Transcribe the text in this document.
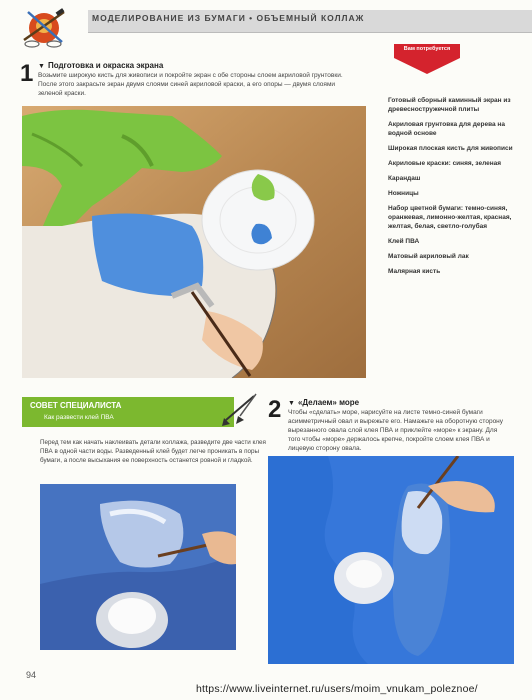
МОДЕЛИРОВАНИЕ ИЗ БУМАГИ • ОБЪЕМНЫЙ КОЛЛАЖ
1 ▼ Подготовка и окраска экрана
Возьмите широкую кисть для живописи и покройте экран с обе стороны слоем акриловой грунтовки. После этого закрасьте экран двумя слоями синей акриловой краски, а его опоры — двумя слоями зеленой краски.
Вам потребуется
Готовый сборный каминный экран из древесностружечной плиты
Акриловая грунтовка для дерева на водной основе
Широкая плоская кисть для живописи
Акриловые краски: синяя, зеленая
Карандаш
Ножницы
Набор цветной бумаги: темно-синяя, оранжевая, лимонно-желтая, красная, желтая, белая, светло-голубая
Клей ПВА
Матовый акриловый лак
Малярная кисть
СОВЕТ СПЕЦИАЛИСТА
Как развести клей ПВА
Перед тем как начать наклеивать детали коллажа, разведите две части клея ПВА в одной части воды. Разведенный клей будет легче проникать в поры бумаги, а после высыхания ее поверхность останется ровной и гладкой.
2 ▼ «Делаем» море
Чтобы «сделать» море, нарисуйте на листе темно-синей бумаги асимметричный овал и вырежьте его. Намажьте на оборотную сторону вырезанного овала слой клея ПВА и приклейте «море» к экрану. Для того чтобы «море» держалось крепче, покройте слоем клея ПВА и лицевую сторону овала.
94
https://www.liveinternet.ru/users/moim_vnukam_poleznoe/
